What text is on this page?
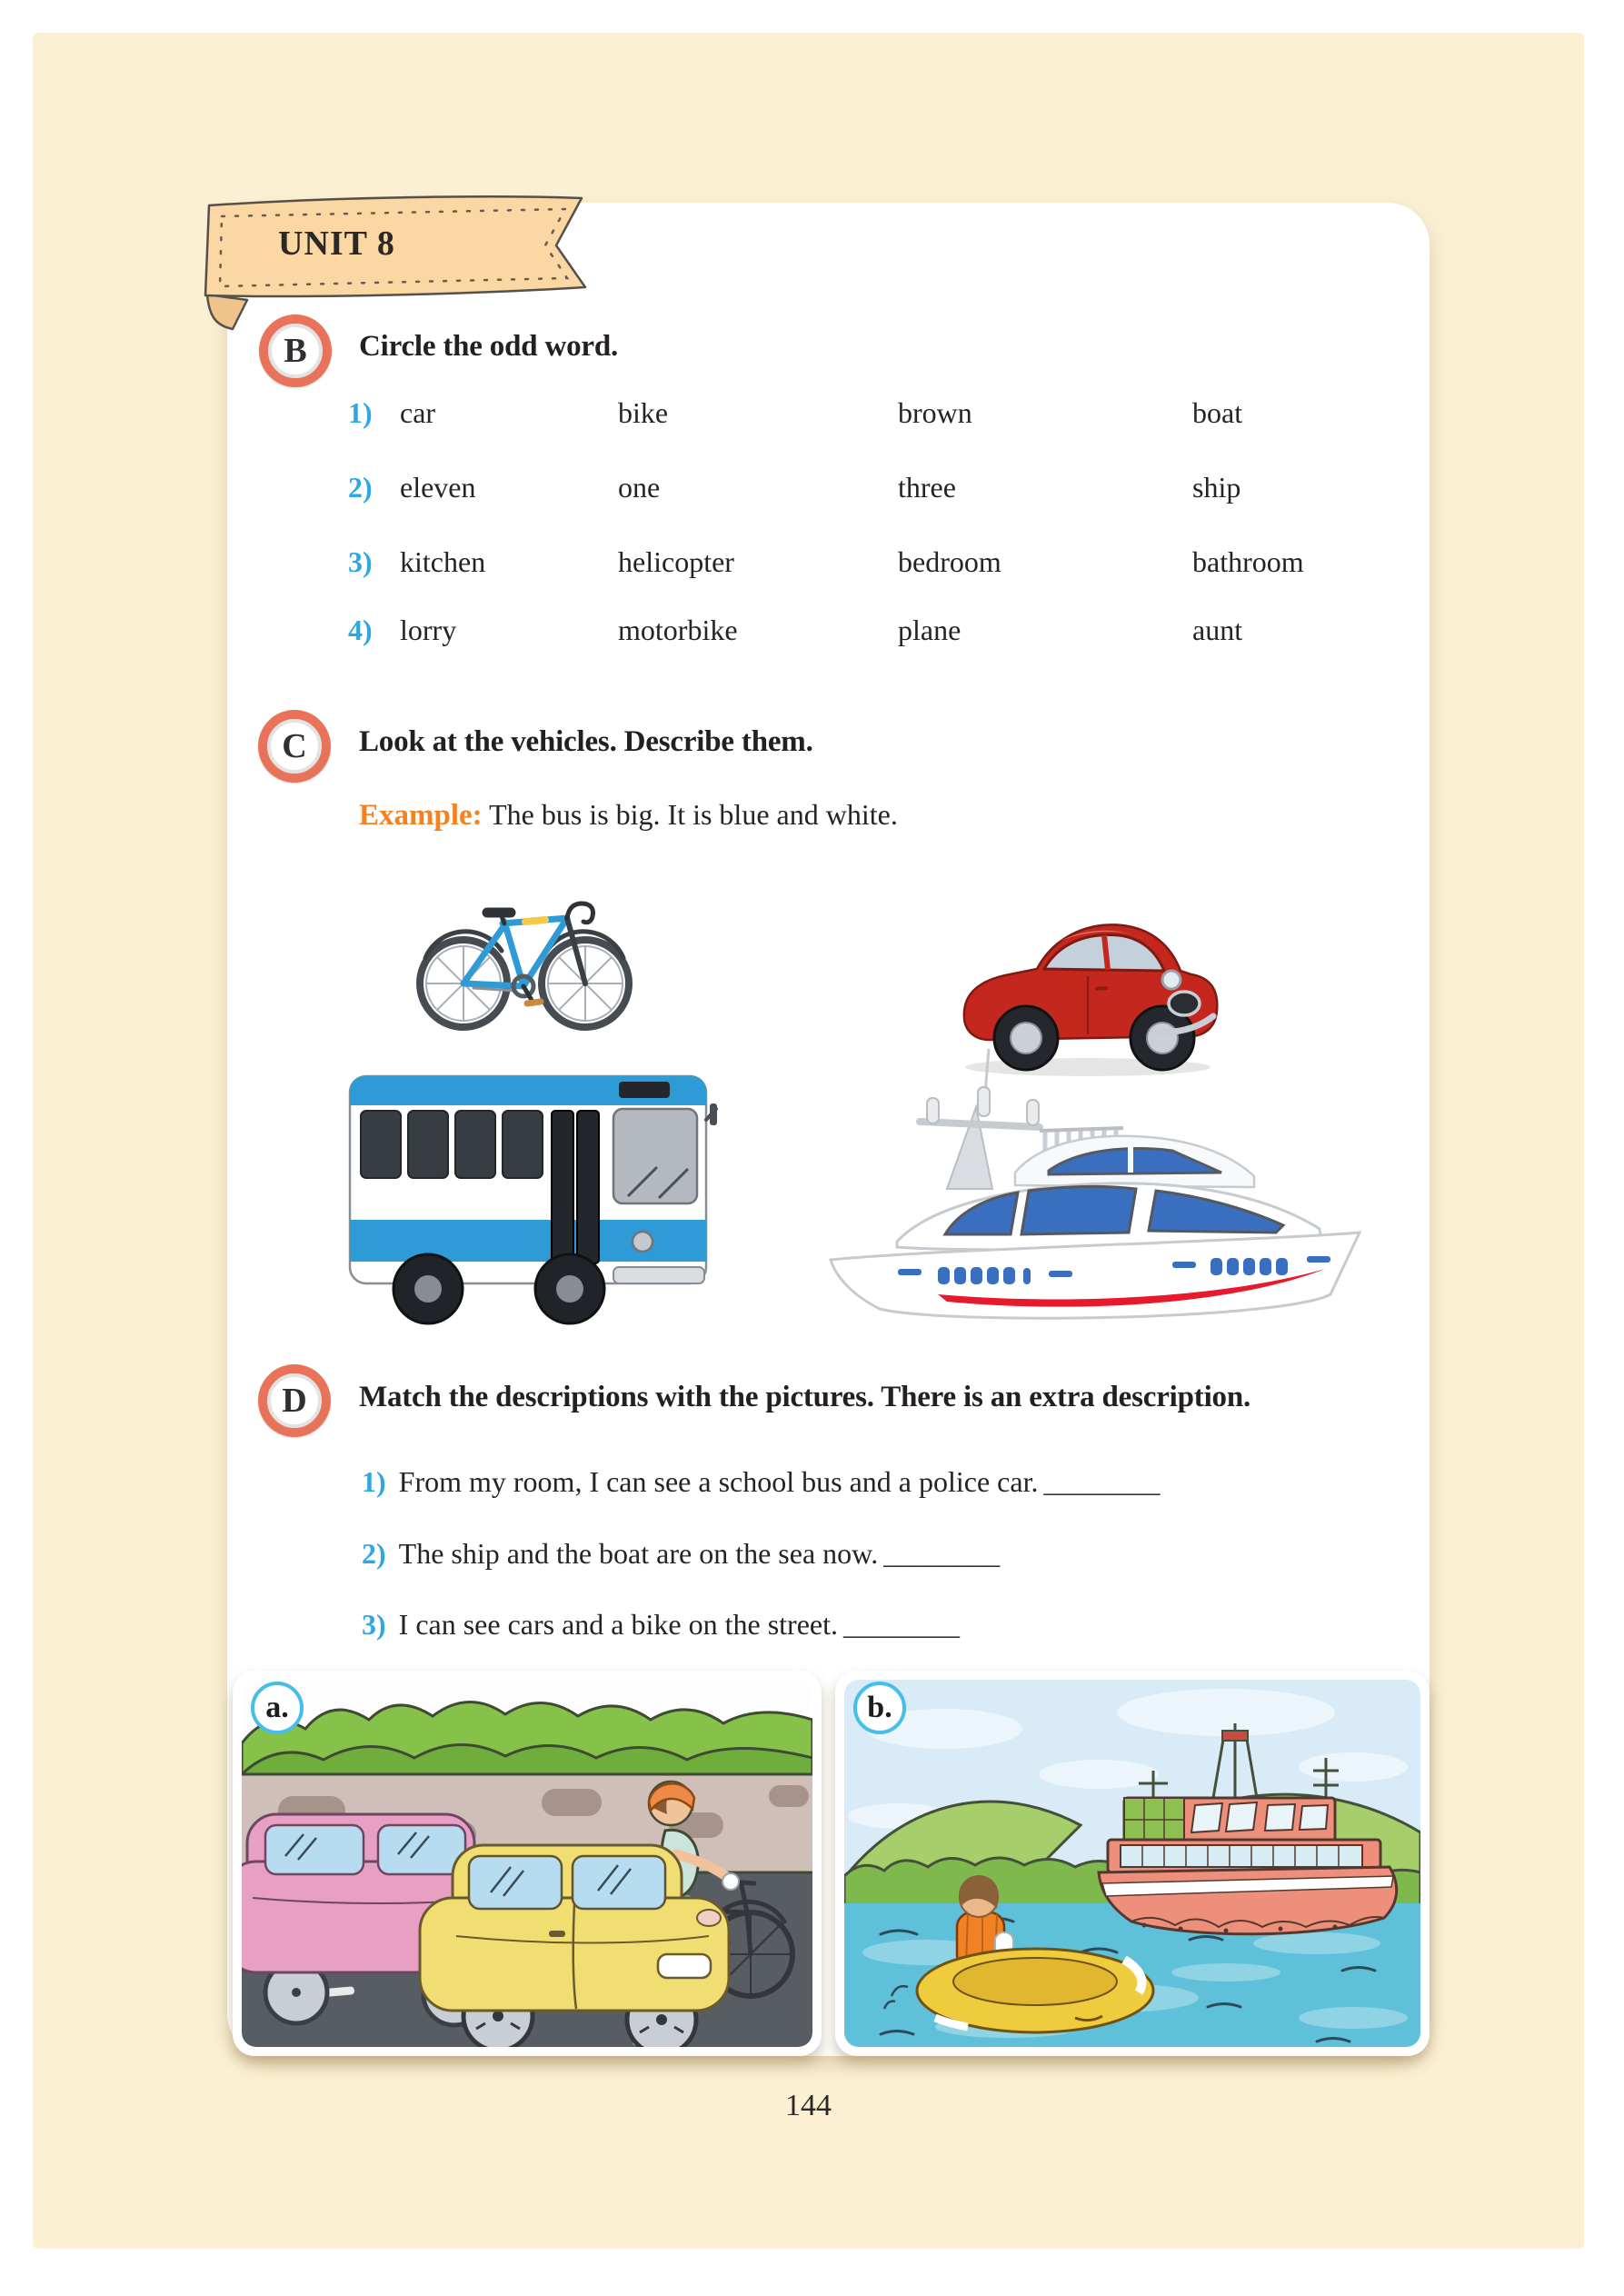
UNIT 8
B Circle the odd word.
1) car	bike	brown	boat
2) eleven	one	three	ship
3) kitchen	helicopter	bedroom	bathroom
4) lorry	motorbike	plane	aunt
C Look at the vehicles. Describe them.
Example: The bus is big. It is blue and white.
D Match the descriptions with the pictures. There is an extra description.
1) From my room, I can see a school bus and a police car. ________
2) The ship and the boat are on the sea now. ________
3) I can see cars and a bike on the street. ________
a.	b.
144
